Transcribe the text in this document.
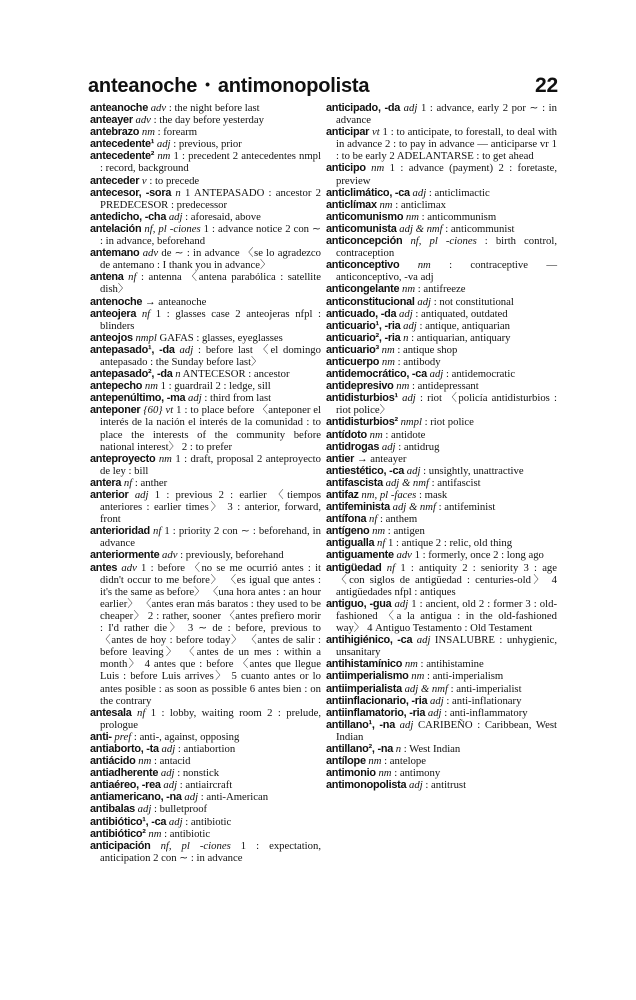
anteanoche • antimonopolista	22

anteanoche adv : the night before last

anteayer adv : the day before yesterday

antebrazo nm : forearm

antecedente¹ adj : previous, prior

antecedente² nm 1 : precedent 2 antecedentes nmpl : record, background

anteceder v : to precede

antecesor, -sora n 1 ANTEPASADO : ancestor 2 PREDECESOR : predecessor

antedicho, -cha adj : aforesaid, above

antelación nf, pl -ciones 1 : advance notice 2 con ∼ : in advance, beforehand

antemano adv de ∼ : in advance 〈se lo agradezco de antemano : I thank you in advance〉

antena nf : antenna 〈antena parabólica : satellite dish〉

antenoche → anteanoche

anteojera nf 1 : glasses case 2 anteojeras nfpl : blinders

anteojos nmpl GAFAS : glasses, eyeglasses

antepasado¹, -da adj : before last 〈el domingo antepasado : the Sunday before last〉

antepasado², -da n ANTECESOR : ancestor

antepecho nm 1 : guardrail 2 : ledge, sill

antepenúltimo, -ma adj : third from last

anteponer {60} vt 1 : to place before 〈anteponer el interés de la nación el interés de la comunidad : to place the interests of the community before national interest〉 2 : to prefer

anteproyecto nm 1 : draft, proposal 2 anteproyecto de ley : bill

antera nf : anther

anterior adj 1 : previous 2 : earlier 〈tiempos anteriores : earlier times〉 3 : anterior, forward, front

anterioridad nf 1 : priority 2 con ∼ : beforehand, in advance

anteriormente adv : previously, beforehand

antes adv 1 : before 〈no se me ocurrió antes : it didn't occur to me before〉 〈es igual que antes : it's the same as before〉 〈una hora antes : an hour earlier〉 〈antes eran más baratos : they used to be cheaper〉 2 : rather, sooner 〈antes prefiero morir : I'd rather die〉 3 ∼ de : before, previous to 〈antes de hoy : before today〉 〈antes de salir : before leaving〉 〈antes de un mes : within a month〉 4 antes que : before 〈antes que llegue Luis : before Luis arrives〉 5 cuanto antes or lo antes posible : as soon as possible 6 antes bien : on the contrary

antesala nf 1 : lobby, waiting room 2 : prelude, prologue

anti- pref : anti-, against, opposing

antiaborto, -ta adj : antiabortion

antiácido nm : antacid

antiadherente adj : nonstick

antiaéreo, -rea adj : antiaircraft

antiamericano, -na adj : anti-American

antibalas adj : bulletproof

antibiótico¹, -ca adj : antibiotic

antibiótico² nm : antibiotic

anticipación nf, pl -ciones 1 : expectation, anticipation 2 con ∼ : in advance

anticipado, -da adj 1 : advance, early 2 por ∼ : in advance

anticipar vt 1 : to anticipate, to forestall, to deal with in advance 2 : to pay in advance — anticiparse vr 1 : to be early 2 ADELANTARSE : to get ahead

anticipo nm 1 : advance (payment) 2 : foretaste, preview

anticlimático, -ca adj : anticlimactic

anticlímax nm : anticlimax

anticomunismo nm : anticommunism

anticomunista adj & nmf : anticommunist

anticoncepción nf, pl -ciones : birth control, contraception

anticonceptivo nm : contraceptive — anticonceptivo, -va adj

anticongelante nm : antifreeze

anticonstitucional adj : not constitutional

anticuado, -da adj : antiquated, outdated

anticuario¹, -ria adj : antique, antiquarian

anticuario², -ria n : antiquarian, antiquary

anticuario³ nm : antique shop

anticuerpo nm : antibody

antidemocrático, -ca adj : antidemocratic

antidepresivo nm : antidepressant

antidisturbios¹ adj : riot 〈policía antidisturbios : riot police〉

antidisturbios² nmpl : riot police

antídoto nm : antidote

antidrogas adj : antidrug

antier → anteayer

antiestético, -ca adj : unsightly, unattractive

antifascista adj & nmf : antifascist

antifaz nm, pl -faces : mask

antifeminista adj & nmf : antifeminist

antífona nf : anthem

antígeno nm : antigen

antigualla nf 1 : antique 2 : relic, old thing

antiguamente adv 1 : formerly, once 2 : long ago

antigüedad nf 1 : antiquity 2 : seniority 3 : age 〈con siglos de antigüedad : centuries-old〉 4 antigüedades nfpl : antiques

antiguo, -gua adj 1 : ancient, old 2 : former 3 : old-fashioned 〈a la antigua : in the old-fashioned way〉 4 Antiguo Testamento : Old Testament

antihigiénico, -ca adj INSALUBRE : unhygienic, unsanitary

antihistamínico nm : antihistamine

antiimperialismo nm : anti-imperialism

antiimperialista adj & nmf : anti-imperialist

antiinflacionario, -ria adj : anti-inflationary

antiinflamatorio, -ria adj : anti-inflammatory

antillano¹, -na adj CARIBEÑO : Caribbean, West Indian

antillano², -na n : West Indian

antílope nm : antelope

antimonio nm : antimony

antimonopolista adj : antitrust
